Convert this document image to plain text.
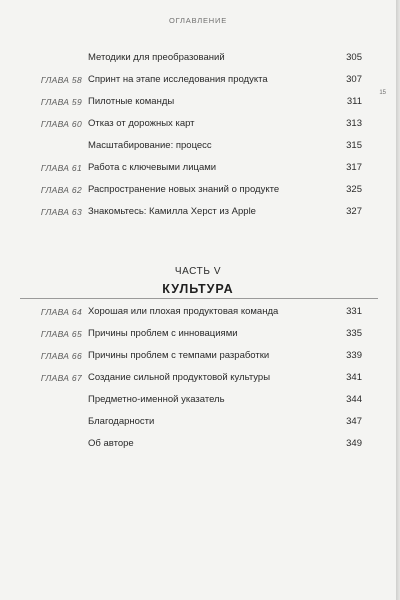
ОГЛАВЛЕНИЕ
15
Методики для преобразований	305
ГЛАВА 58 Спринт на этапе исследования продукта	307
ГЛАВА 59 Пилотные команды	311
ГЛАВА 60 Отказ от дорожных карт	313
Масштабирование: процесс	315
ГЛАВА 61 Работа с ключевыми лицами	317
ГЛАВА 62 Распространение новых знаний о продукте	325
ГЛАВА 63 Знакомьтесь: Камилла Херст из Apple	327
ЧАСТЬ V
КУЛЬТУРА
ГЛАВА 64 Хорошая или плохая продуктовая команда	331
ГЛАВА 65 Причины проблем с инновациями	335
ГЛАВА 66 Причины проблем с темпами разработки	339
ГЛАВА 67 Создание сильной продуктовой культуры	341
Предметно-именной указатель	344
Благодарности	347
Об авторе	349
